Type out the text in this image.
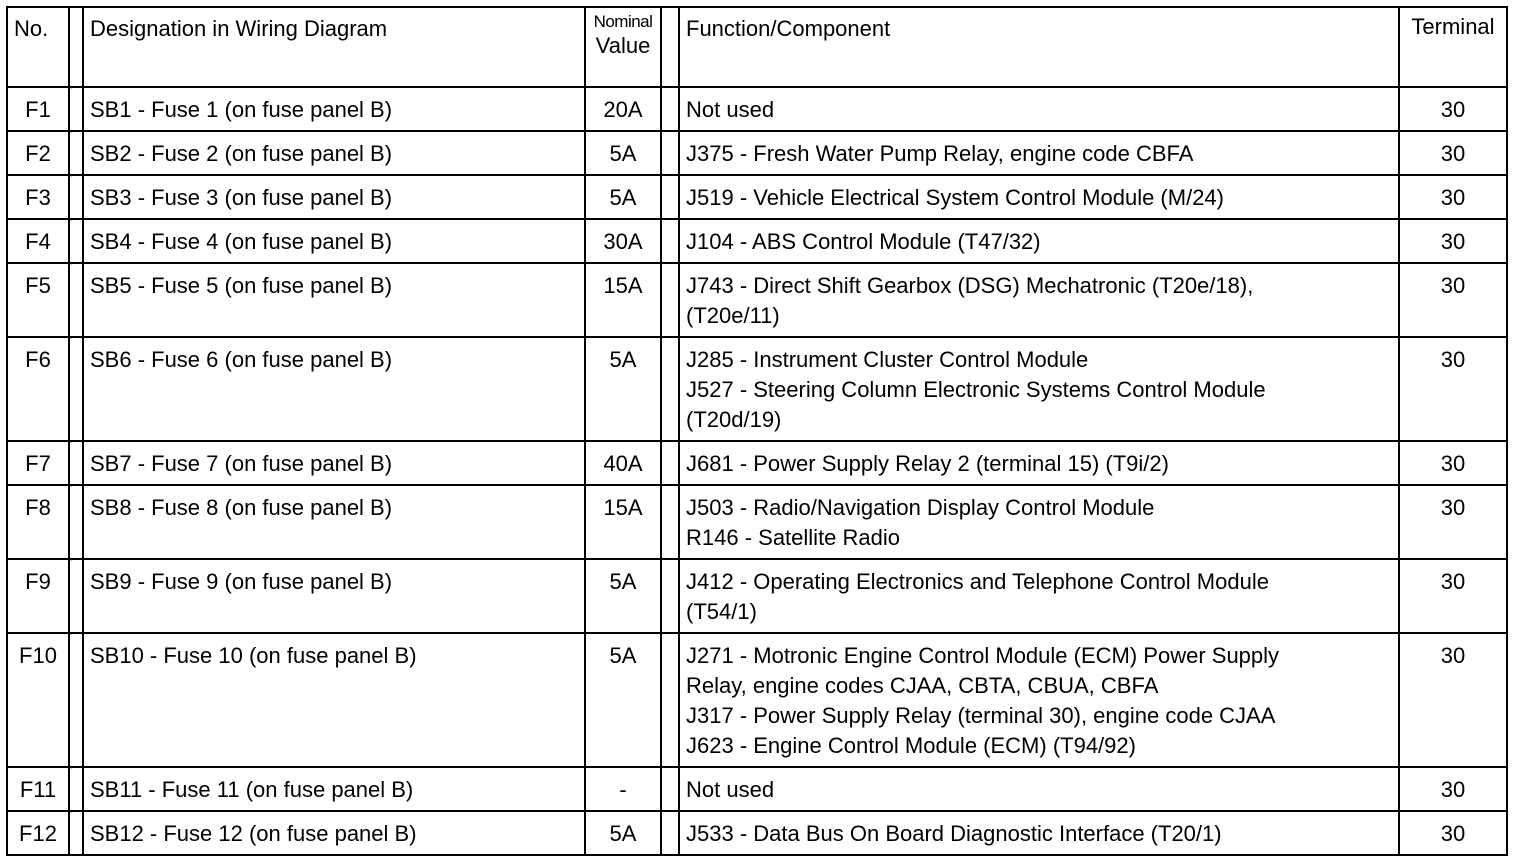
No.		Designation in Wiring Diagram	Nominal
Value		Function/Component	Terminal
F1	˙	SB1 - Fuse 1 (on fuse panel B)	20A		Not used	30
F2	˙	SB2 - Fuse 2 (on fuse panel B)	5A		J375 - Fresh Water Pump Relay, engine code CBFA	30
F3	˙	SB3 - Fuse 3 (on fuse panel B)	5A		J519 - Vehicle Electrical System Control Module (M/24)	30
F4	˙	SB4 - Fuse 4 (on fuse panel B)	30A		J104 - ABS Control Module (T47/32)	30
F5	˙	SB5 - Fuse 5 (on fuse panel B)	15A		J743 - Direct Shift Gearbox (DSG) Mechatronic (T20e/18),
(T20e/11)	30
F6	˙	SB6 - Fuse 6 (on fuse panel B)	5A		J285 - Instrument Cluster Control Module
J527 - Steering Column Electronic Systems Control Module
(T20d/19)	30
F7	˙	SB7 - Fuse 7 (on fuse panel B)	40A		J681 - Power Supply Relay 2 (terminal 15) (T9i/2)	30
F8	˙	SB8 - Fuse 8 (on fuse panel B)	15A		J503 - Radio/Navigation Display Control Module
R146 - Satellite Radio	30
F9	˙	SB9 - Fuse 9 (on fuse panel B)	5A		J412 - Operating Electronics and Telephone Control Module
(T54/1)	30
F10	˙	SB10 - Fuse 10 (on fuse panel B)	5A		J271 - Motronic Engine Control Module (ECM) Power Supply
Relay, engine codes CJAA, CBTA, CBUA, CBFA
J317 - Power Supply Relay (terminal 30), engine code CJAA
J623 - Engine Control Module (ECM) (T94/92)	30
F11	˙	SB11 - Fuse 11 (on fuse panel B)	-		Not used	30
F12	˙	SB12 - Fuse 12 (on fuse panel B)	5A		J533 - Data Bus On Board Diagnostic Interface (T20/1)	30
